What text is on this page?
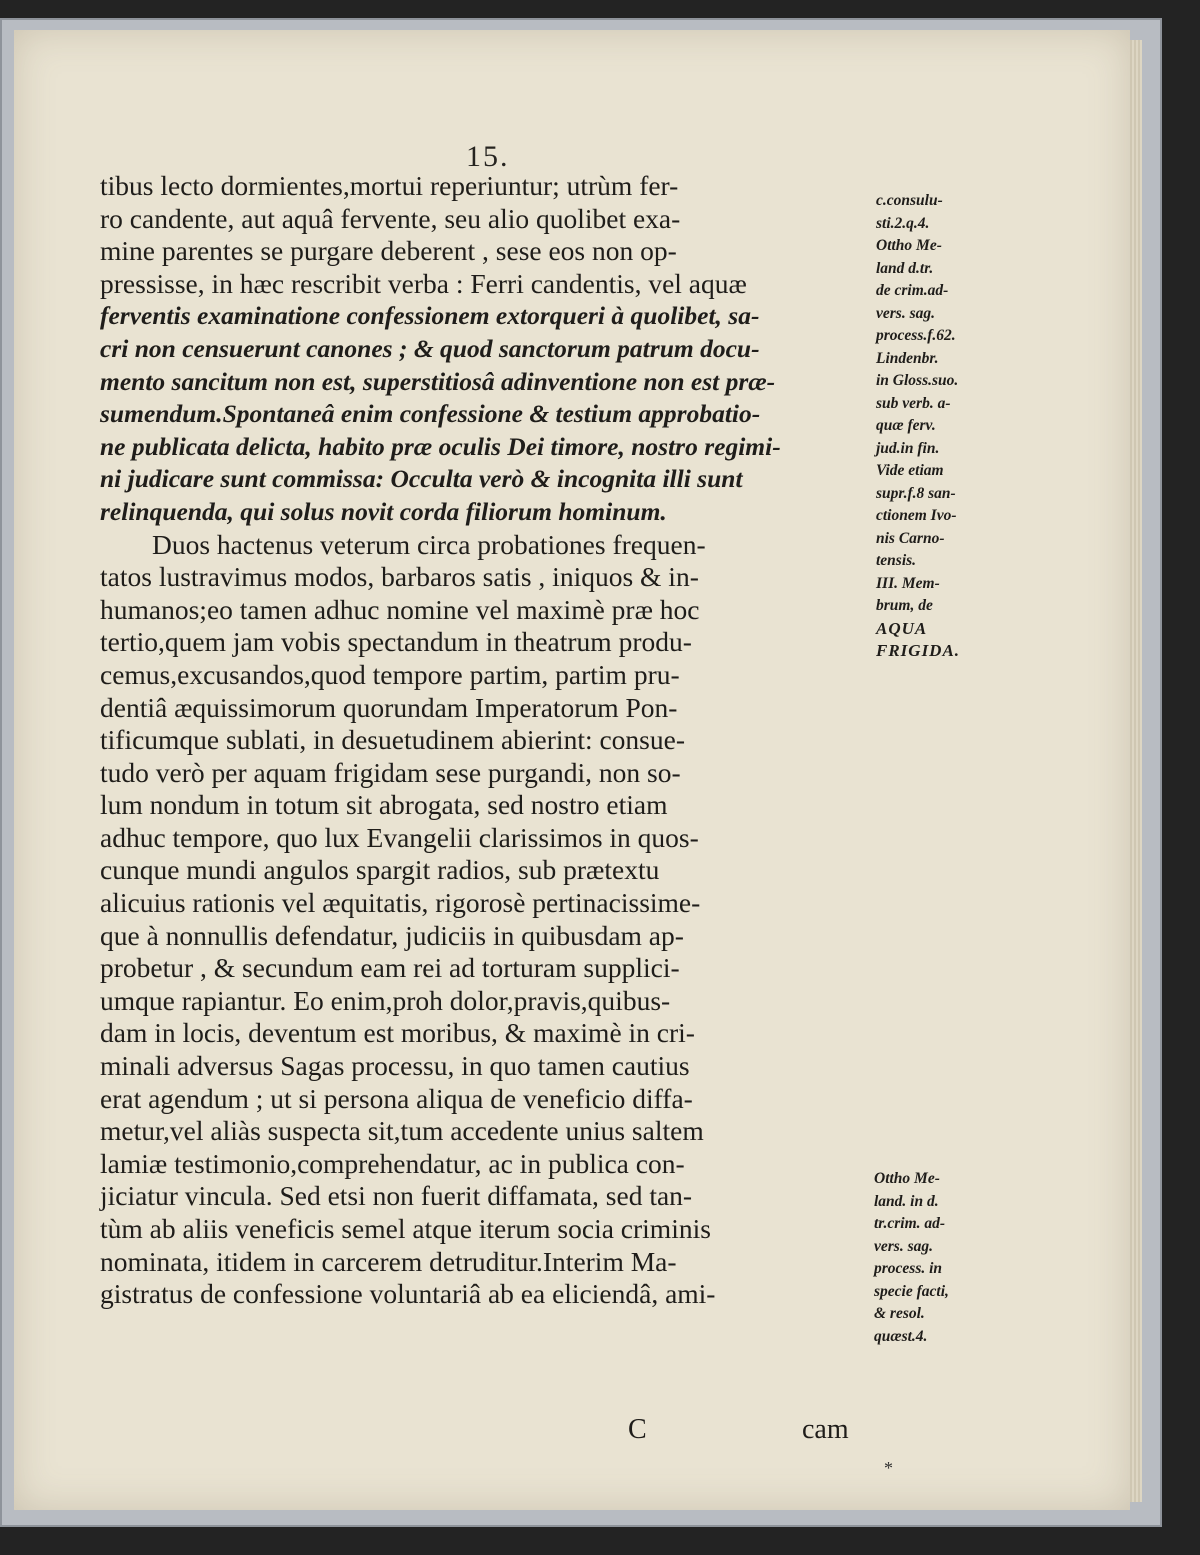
15.
tibus lecto dormientes,mortui reperiuntur; utrùm fer-
ro candente, aut aquâ fervente, seu alio quolibet exa-
mine parentes se purgare deberent , sese eos non op-
pressisse, in hæc rescribit verba : Ferri candentis, vel aquæ
ferventis examinatione confessionem extorqueri à quolibet, sa-
cri non censuerunt canones ; & quod sanctorum patrum docu-
mento sancitum non est, superstitiosâ adinventione non est præ-
sumendum.Spontaneâ enim confessione & testium approbatio-
ne publicata delicta, habito præ oculis Dei timore, nostro regimi-
ni judicare sunt commissa: Occulta verò & incognita illi sunt
relinquenda, qui solus novit corda filiorum hominum.
Duos hactenus veterum circa probationes frequen-
tatos lustravimus modos, barbaros satis , iniquos & in-
humanos;eo tamen adhuc nomine vel maximè præ hoc
tertio,quem jam vobis spectandum in theatrum produ-
cemus,excusandos,quod tempore partim, partim pru-
dentiâ æquissimorum quorundam Imperatorum Pon-
tificumque sublati, in desuetudinem abierint: consue-
tudo verò per aquam frigidam sese purgandi, non so-
lum nondum in totum sit abrogata, sed nostro etiam
adhuc tempore, quo lux Evangelii clarissimos in quos-
cunque mundi angulos spargit radios, sub prætextu
alicuius rationis vel æquitatis, rigorosè pertinacissime-
que à nonnullis defendatur, judiciis in quibusdam ap-
probetur , & secundum eam rei ad torturam supplici-
umque rapiantur. Eo enim,proh dolor,pravis,quibus-
dam in locis, deventum est moribus, & maximè in cri-
minali adversus Sagas processu, in quo tamen cautius
erat agendum ; ut si persona aliqua de veneficio diffa-
metur,vel aliàs suspecta sit,tum accedente unius saltem
lamiæ testimonio,comprehendatur, ac in publica con-
jiciatur vincula. Sed etsi non fuerit diffamata, sed tan-
tùm ab aliis veneficis semel atque iterum socia criminis
nominata, itidem in carcerem detruditur.Interim Ma-
gistratus de confessione voluntariâ ab ea eliciendâ, ami-
c.consulu-
sti.2.q.4.
Ottho Me-
land d.tr.
de crim.ad-
vers. sag.
process.f.62.
Lindenbr.
in Gloss.suo.
sub verb. a-
quæ ferv.
jud.in fin.
Vide etiam
supr.f.8 san-
ctionem Ivo-
nis Carno-
tensis.
III. Mem-
brum, de
AQUA
FRIGIDA.
Ottho Me-
land. in d.
tr.crim. ad-
vers. sag.
process. in
specie facti,
& resol.
quæst.4.
C	cam
*
